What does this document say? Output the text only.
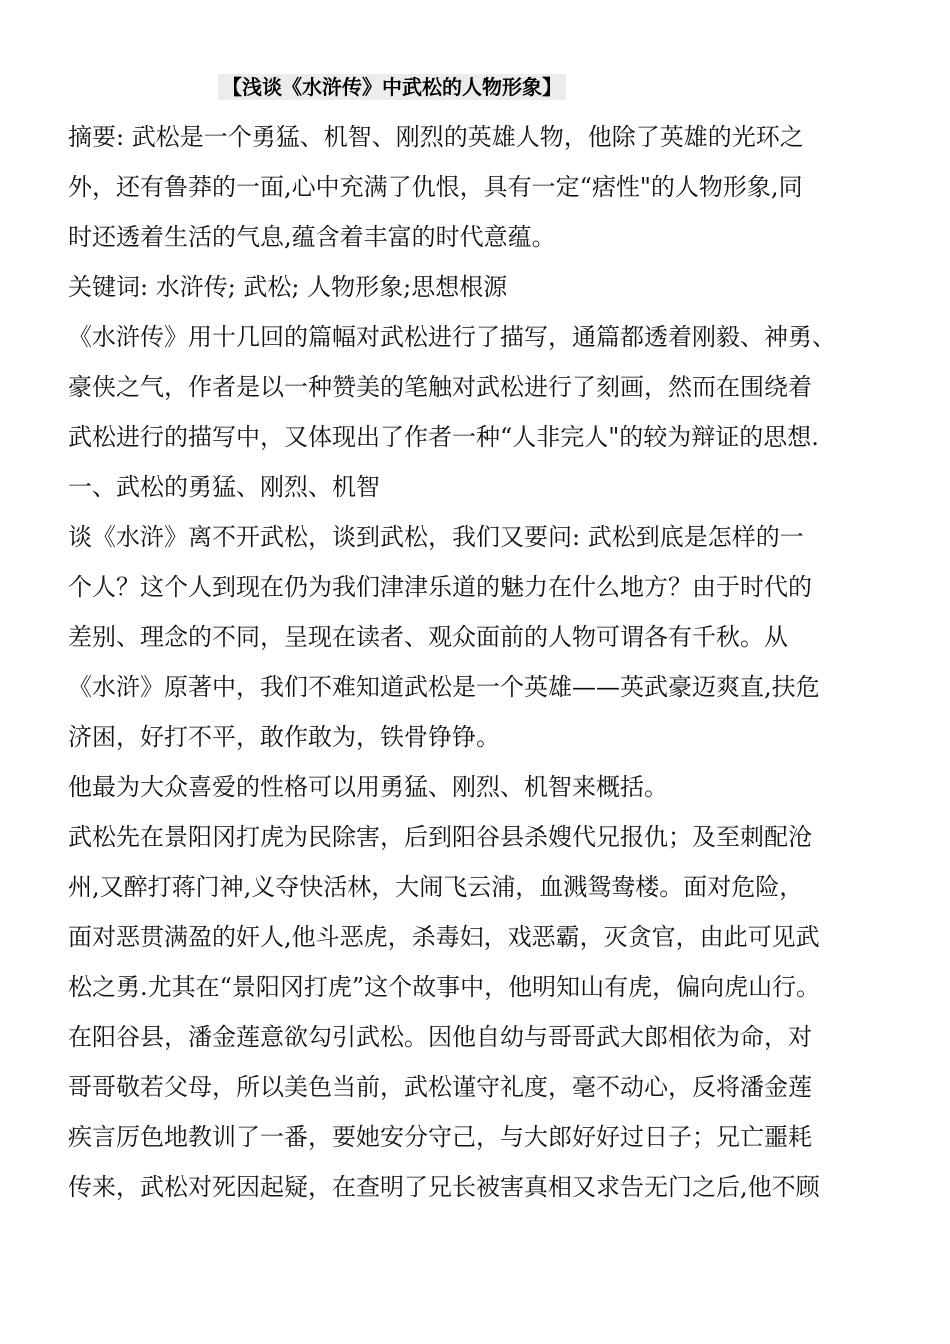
【浅谈《水浒传》中武松的人物形象】
摘要: 武松是一个勇猛、机智、刚烈的英雄人物，他除了英雄的光环之
外，还有鲁莽的一面,心中充满了仇恨，具有一定“痞性"的人物形象,同
时还透着生活的气息,蕴含着丰富的时代意蕴。
关键词: 水浒传; 武松; 人物形象;思想根源
《水浒传》用十几回的篇幅对武松进行了描写，通篇都透着刚毅、神勇、
豪侠之气，作者是以一种赞美的笔触对武松进行了刻画，然而在围绕着
武松进行的描写中，又体现出了作者一种“人非完人"的较为辩证的思想.
一、武松的勇猛、刚烈、机智
谈《水浒》离不开武松，谈到武松，我们又要问: 武松到底是怎样的一
个人？这个人到现在仍为我们津津乐道的魅力在什么地方？由于时代的
差别、理念的不同，呈现在读者、观众面前的人物可谓各有千秋。从
《水浒》原著中，我们不难知道武松是一个英雄——英武豪迈爽直,扶危
济困，好打不平，敢作敢为，铁骨铮铮。
他最为大众喜爱的性格可以用勇猛、刚烈、机智来概括。
武松先在景阳冈打虎为民除害，后到阳谷县杀嫂代兄报仇；及至刺配沧
州,又醉打蒋门神,义夺快活林，大闹飞云浦，血溅鸳鸯楼。面对危险，
面对恶贯满盈的奸人,他斗恶虎，杀毒妇，戏恶霸，灭贪官，由此可见武
松之勇.尤其在“景阳冈打虎”这个故事中，他明知山有虎，偏向虎山行。
在阳谷县，潘金莲意欲勾引武松。因他自幼与哥哥武大郎相依为命，对
哥哥敬若父母，所以美色当前，武松谨守礼度，毫不动心，反将潘金莲
疾言厉色地教训了一番，要她安分守己，与大郎好好过日子；兄亡噩耗
传来，武松对死因起疑，在查明了兄长被害真相又求告无门之后,他不顾
